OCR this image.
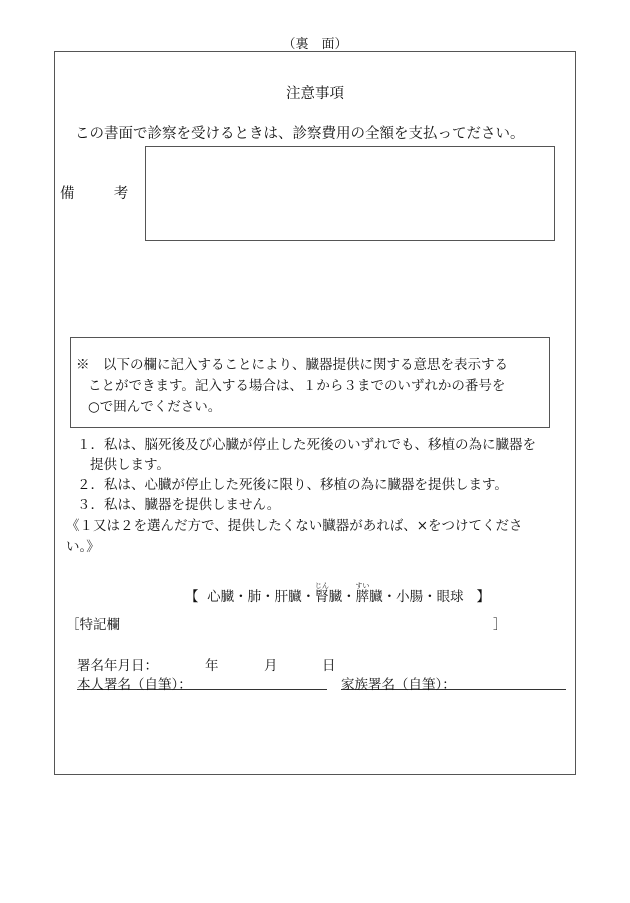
（裏　面）
注意事項
この書面で診察を受けるときは、診察費用の全額を支払ってださい。
備	考
※　以下の欄に記入することにより、臓器提供に関する意思を表示する
ことができます。記入する場合は、１から３までのいずれかの番号を
○で囲んでください。
１．私は、脳死後及び心臓が停止した死後のいずれでも、移植の為に臓器を
提供します。
２．私は、心臓が停止した死後に限り、移植の為に臓器を提供します。
３．私は、臓器を提供しません。
《１又は２を選んだ方で、提供したくない臓器があれば、×をつけてくださ
い。》
【 心臓・肺・肝臓・腎じん臓・膵すい臓・小腸・眼球 】
［特記欄	］
署名年月日：	年	月	日
本人署名（自筆）：	家族署名（自筆）：
